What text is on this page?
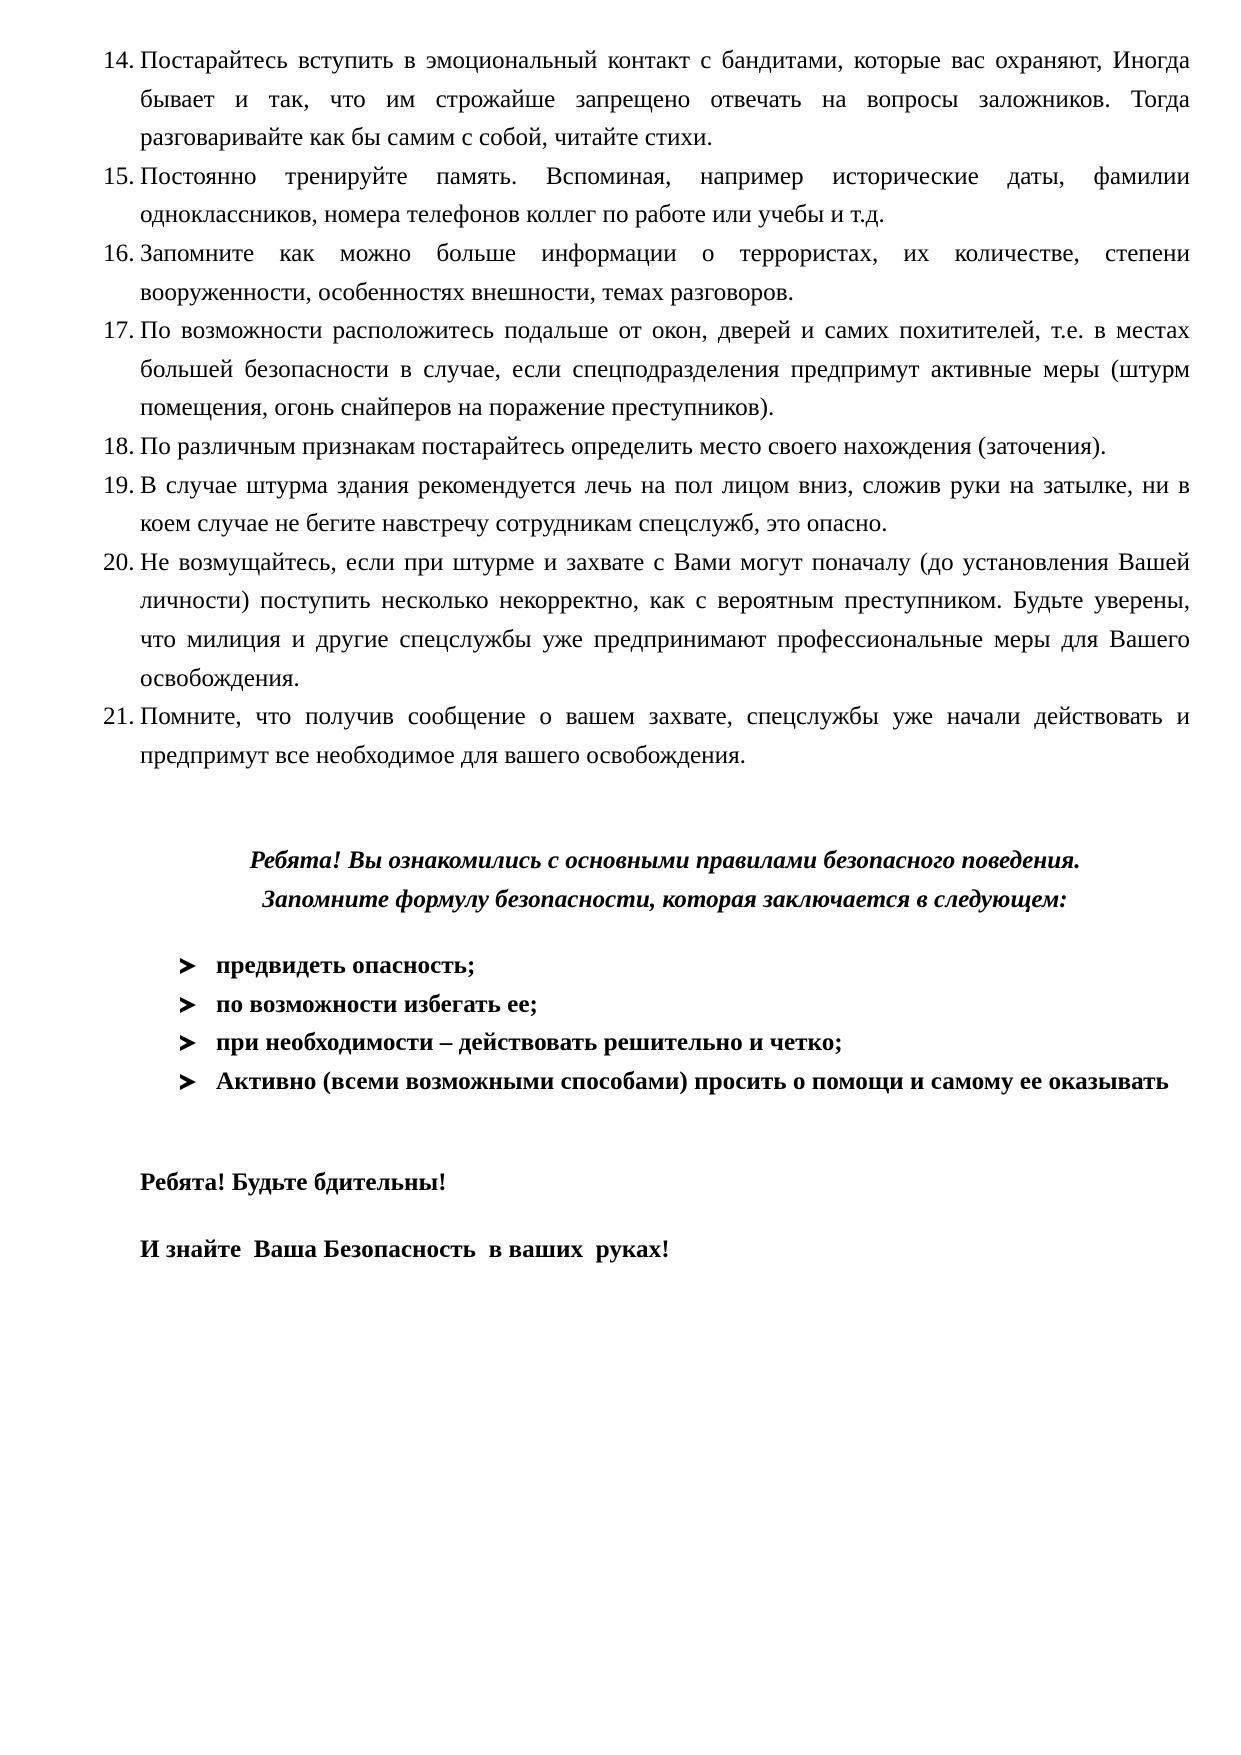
14. Постарайтесь вступить в эмоциональный контакт с бандитами, которые вас охраняют, Иногда бывает и так, что им строжайше запрещено отвечать на вопросы заложников. Тогда разговаривайте как бы самим с собой, читайте стихи.
15. Постоянно тренируйте память. Вспоминая, например исторические даты, фамилии одноклассников, номера телефонов коллег по работе или учебы и т.д.
16. Запомните как можно больше информации о террористах, их количестве, степени вооруженности, особенностях внешности, темах разговоров.
17. По возможности расположитесь подальше от окон, дверей и самих похитителей, т.е. в местах большей безопасности в случае, если спецподразделения предпримут активные меры (штурм помещения, огонь снайперов на поражение преступников).
18. По различным признакам постарайтесь определить место своего нахождения (заточения).
19. В случае штурма здания рекомендуется лечь на пол лицом вниз, сложив руки на затылке, ни в коем случае не бегите навстречу сотрудникам спецслужб, это опасно.
20. Не возмущайтесь, если при штурме и захвате с Вами могут поначалу (до установления Вашей личности) поступить несколько некорректно, как с вероятным преступником. Будьте уверены, что милиция и другие спецслужбы уже предпринимают профессиональные меры для Вашего освобождения.
21. Помните, что получив сообщение о вашем захвате, спецслужбы уже начали действовать и предпримут все необходимое для вашего освобождения.
Ребята! Вы ознакомились с основными правилами безопасного поведения.
Запомните формулу безопасности, которая заключается в следующем:
предвидеть опасность;
по возможности избегать ее;
при необходимости – действовать решительно и четко;
Активно (всеми возможными способами) просить о помощи и самому ее оказывать
Ребята! Будьте бдительны!
И знайте  Ваша Безопасность  в ваших  руках!
